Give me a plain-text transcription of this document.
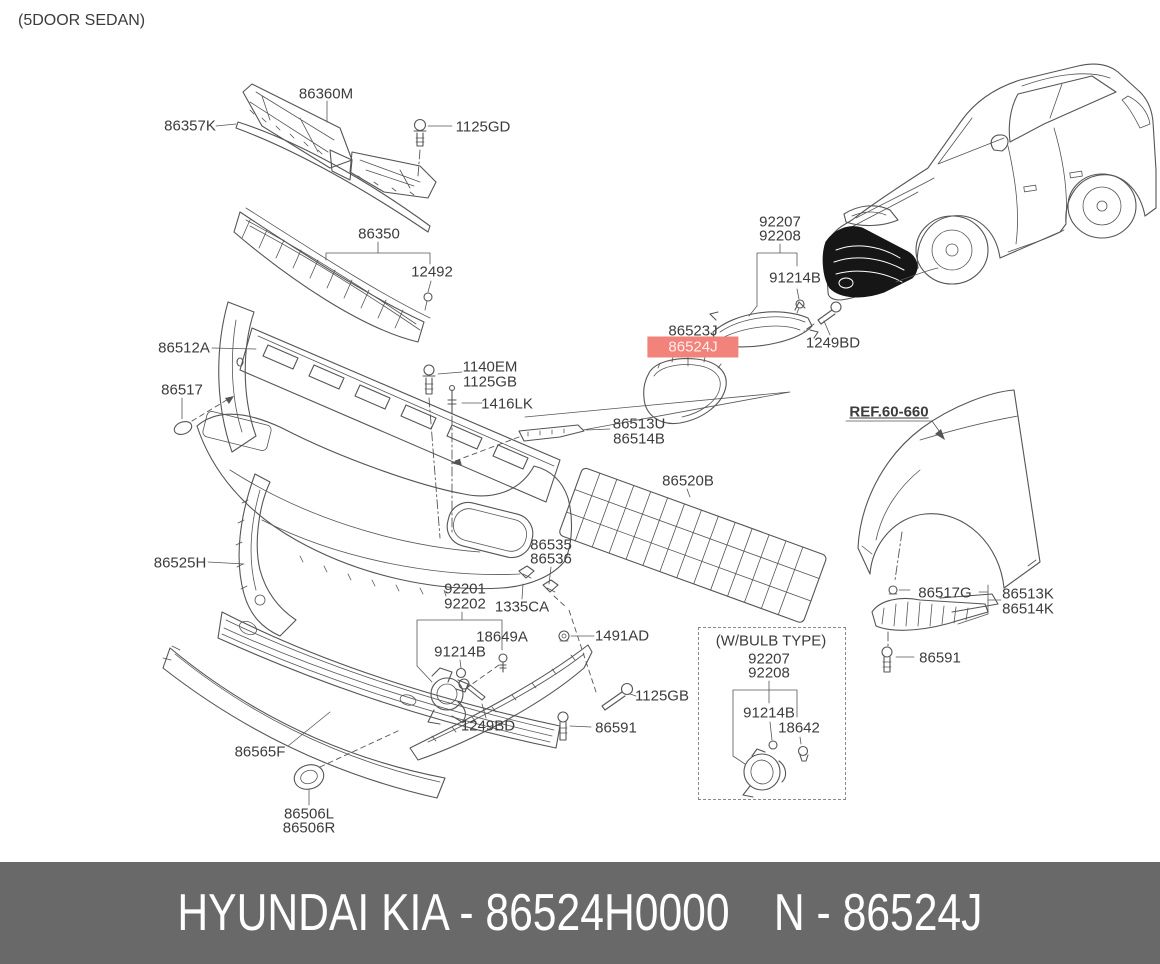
(5DOOR SEDAN)
86360M
86357K	1125GD
86350
12492
86512A
86517
1140EM
1125GB
1416LK
86513U
86514B
86523J
86524J
92207
92208
91214B
1249BD
REF.60-660
86520B
86525H
86535
86536
92201
92202 1335CA
18649A
91214B
1491AD
1125GB
1249BD	86591
86565F
86506L
86506R
86517G 86513K
86514K
86591
(W/BULB TYPE)
92207
92208
91214B
18642
HYUNDAI KIA - 86524H0000 N - 86524J
